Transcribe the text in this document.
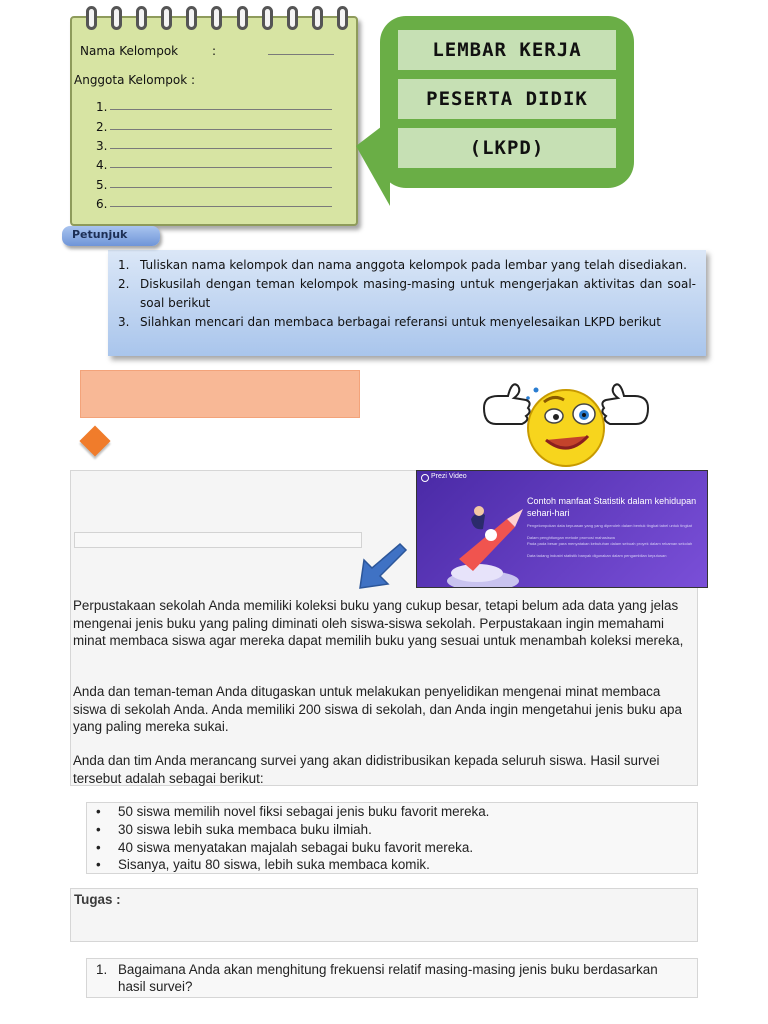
Nama Kelompok	:
Anggota Kelompok :
1.
2.
3.
4.
5.
6.
LEMBAR KERJA
PESERTA DIDIK
(LKPD)
1. Tuliskan nama kelompok dan nama anggota kelompok pada lembar yang telah disediakan.
2. Diskusilah dengan teman kelompok masing-masing untuk mengerjakan aktivitas dan soal-soal berikut
3. Silahkan mencari dan membaca berbagai referansi untuk menyelesaikan LKPD berikut
Petunjuk
Prezi Video
Contoh manfaat Statistik dalam kehidupan sehari-hari
Pengelompokan data kepuasan yang yang diperoleh dalam bentuk tingkat tabel untuk tingkat
Dalam penghitungan metode promosi mahasiswa
Pada pada besar para menyatakan kebutuhan dalam sebuah proyek dalam rekaman sekolah
Data tadang industri statistik banyak digunakan dalam pengambilan keputusan
Perpustakaan sekolah Anda memiliki koleksi buku yang cukup besar, tetapi belum ada data yang jelas mengenai jenis buku yang paling diminati oleh siswa-siswa sekolah. Perpustakaan ingin memahami minat membaca siswa agar mereka dapat memilih buku yang sesuai untuk menambah koleksi mereka,
Anda dan teman-teman Anda ditugaskan untuk melakukan penyelidikan mengenai minat membaca siswa di sekolah Anda. Anda memiliki 200 siswa di sekolah, dan Anda ingin mengetahui jenis buku apa yang paling mereka sukai.
Anda dan tim Anda merancang survei yang akan didistribusikan kepada seluruh siswa. Hasil survei tersebut adalah sebagai berikut:
• 50 siswa memilih novel fiksi sebagai jenis buku favorit mereka.
• 30 siswa lebih suka membaca buku ilmiah.
• 40 siswa menyatakan majalah sebagai buku favorit mereka.
• Sisanya, yaitu 80 siswa, lebih suka membaca komik.
Tugas :
1. Bagaimana Anda akan menghitung frekuensi relatif masing-masing jenis buku berdasarkan hasil survei?
